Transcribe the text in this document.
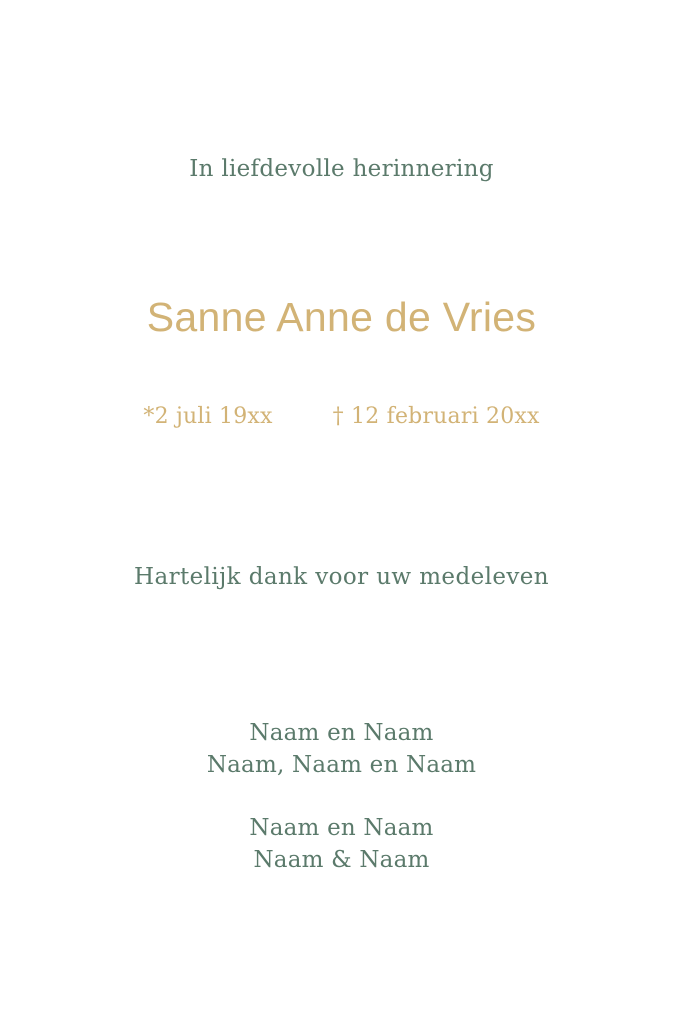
In liefdevolle herinnering
Sanne Anne de Vries
*2 juli 19xx	† 12 februari 20xx
Hartelijk dank voor uw medeleven
Naam en Naam
Naam, Naam en Naam
Naam en Naam
Naam & Naam
